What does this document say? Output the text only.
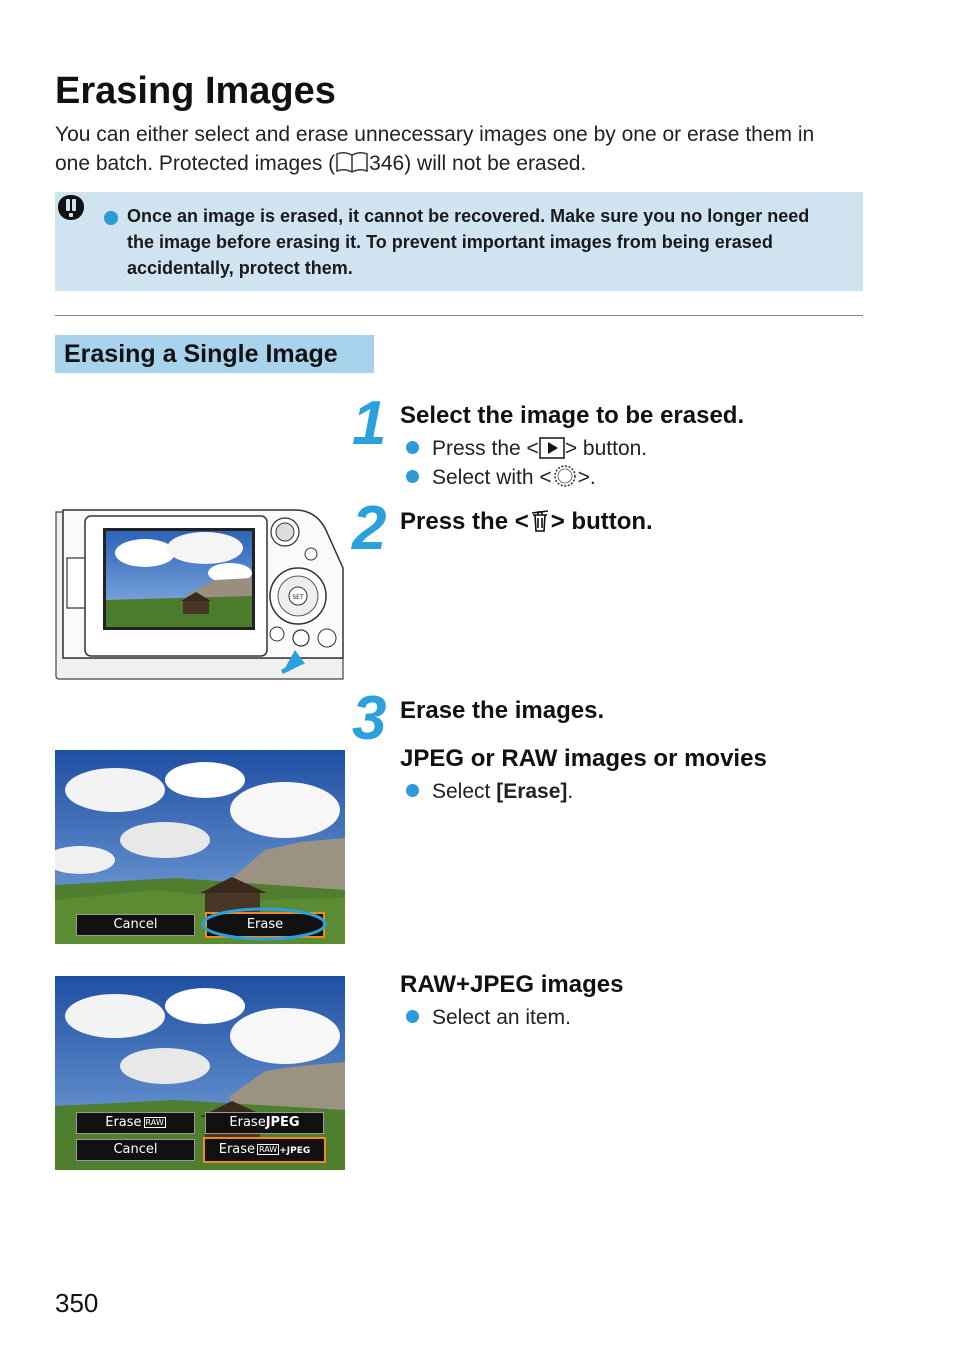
Erasing Images
You can either select and erase unnecessary images one by one or erase them in one batch. Protected images ( 346) will not be erased.
Once an image is erased, it cannot be recovered. Make sure you no longer need the image before erasing it. To prevent important images from being erased accidentally, protect them.
Erasing a Single Image
1 Select the image to be erased.
Press the < > button.
Select with < >.
2 Press the < > button.
SET
3 Erase the images.
JPEG or RAW images or movies
Select [Erase].
Cancel	Erase
RAW+JPEG images
Select an item.
Erase RAW	EraseJPEG
Cancel	Erase RAW +JPEG
350
